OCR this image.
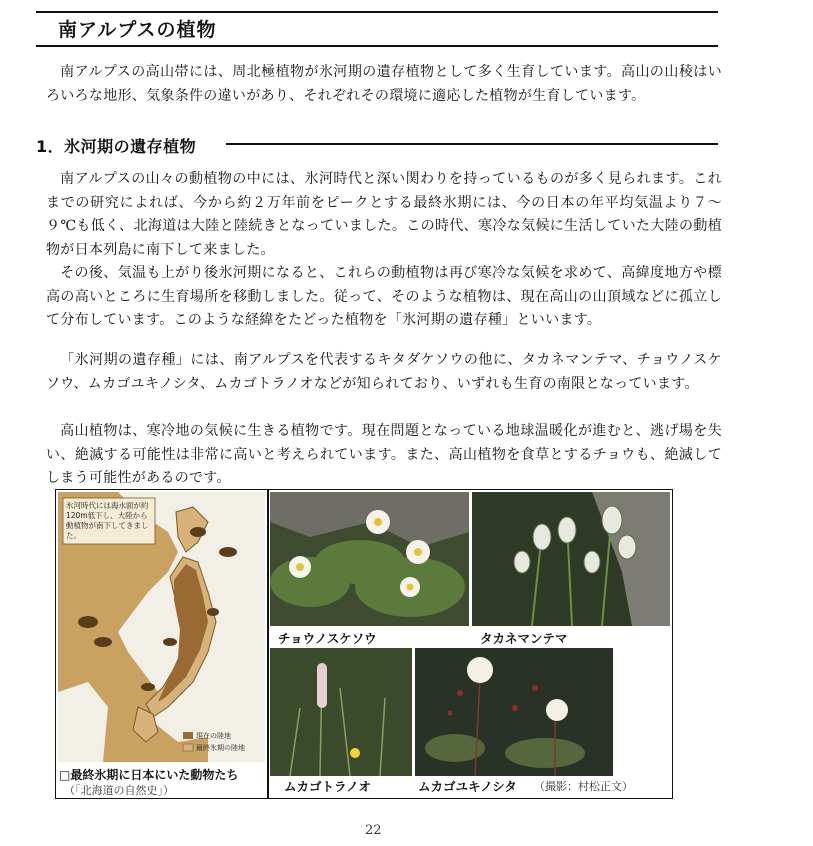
南アルプスの植物

南アルプスの高山帯には、周北極植物が氷河期の遺存植物として多く生育しています。高山の山稜はいろいろな地形、気象条件の違いがあり、それぞれその環境に適応した植物が生育しています。

1．氷河期の遺存植物

南アルプスの山々の動植物の中には、氷河時代と深い関わりを持っているものが多く見られます。これまでの研究によれば、今から約２万年前をピークとする最終氷期には、今の日本の年平均気温より７～９℃も低く、北海道は大陸と陸続きとなっていました。この時代、寒冷な気候に生活していた大陸の動植物が日本列島に南下して来ました。

その後、気温も上がり後氷河期になると、これらの動植物は再び寒冷な気候を求めて、高緯度地方や標高の高いところに生育場所を移動しました。従って、そのような植物は、現在高山の山頂域などに孤立して分布しています。このような経緯をたどった植物を「氷河期の遺存種」といいます。

「氷河期の遺存種」には、南アルプスを代表するキタダケソウの他に、タカネマンテマ、チョウノスケソウ、ムカゴユキノシタ、ムカゴトラノオなどが知られており、いずれも生育の南限となっています。

高山植物は、寒冷地の気候に生きる植物です。現在問題となっている地球温暖化が進むと、逃げ場を失い、絶滅する可能性は非常に高いと考えられています。また、高山植物を食草とするチョウも、絶滅してしまう可能性があるのです。

氷河時代には海水面が約120m低下し、大陸から動植物が南下してきました。
現在の陸地
最終氷期の陸地
□最終氷期に日本にいた動物たち
（「北海道の自然史」）
チョウノスケソウ	タカネマンテマ
ムカゴトラノオ	ムカゴユキノシタ （撮影：村松正文）
22
